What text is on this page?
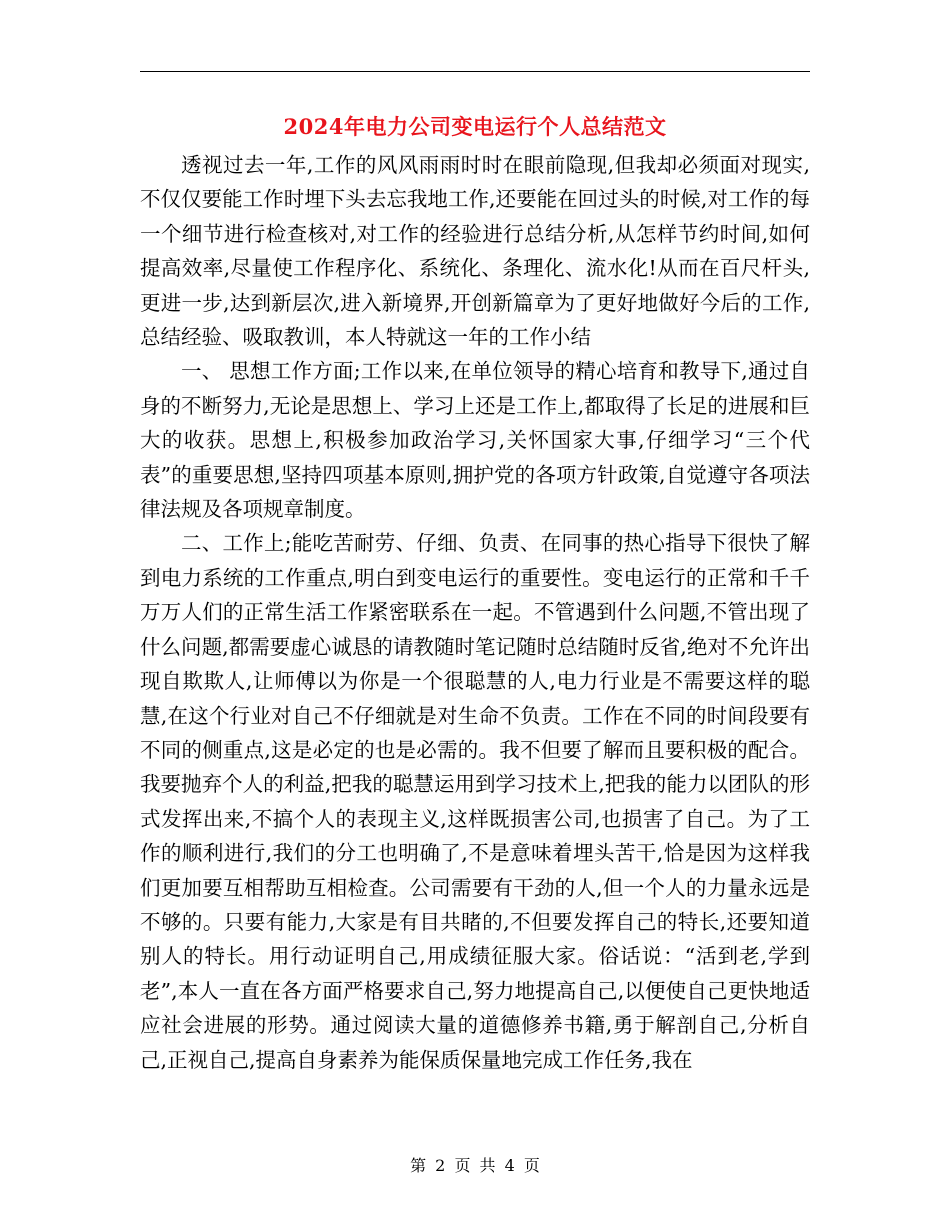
2024年电力公司变电运行个人总结范文

透视过去一年,工作的风风雨雨时时在眼前隐现,但我却必须面对现实,不仅仅要能工作时埋下头去忘我地工作,还要能在回过头的时候,对工作的每一个细节进行检查核对,对工作的经验进行总结分析,从怎样节约时间,如何提高效率,尽量使工作程序化、系统化、条理化、流水化!从而在百尺杆头,更进一步,达到新层次,进入新境界,开创新篇章为了更好地做好今后的工作,总结经验、吸取教训，本人特就这一年的工作小结

一、 思想工作方面;工作以来,在单位领导的精心培育和教导下,通过自身的不断努力,无论是思想上、学习上还是工作上,都取得了长足的进展和巨大的收获。思想上,积极参加政治学习,关怀国家大事,仔细学习“三个代表”的重要思想,坚持四项基本原则,拥护党的各项方针政策,自觉遵守各项法律法规及各项规章制度。

二、工作上;能吃苦耐劳、仔细、负责、在同事的热心指导下很快了解到电力系统的工作重点,明白到变电运行的重要性。变电运行的正常和千千万万人们的正常生活工作紧密联系在一起。不管遇到什么问题,不管出现了什么问题,都需要虚心诚恳的请教随时笔记随时总结随时反省,绝对不允许出现自欺欺人,让师傅以为你是一个很聪慧的人,电力行业是不需要这样的聪慧,在这个行业对自己不仔细就是对生命不负责。工作在不同的时间段要有不同的侧重点,这是必定的也是必需的。我不但要了解而且要积极的配合。我要抛弃个人的利益,把我的聪慧运用到学习技术上,把我的能力以团队的形式发挥出来,不搞个人的表现主义,这样既损害公司,也损害了自己。为了工作的顺利进行,我们的分工也明确了,不是意味着埋头苦干,恰是因为这样我们更加要互相帮助互相检查。公司需要有干劲的人,但一个人的力量永远是不够的。只要有能力,大家是有目共睹的,不但要发挥自己的特长,还要知道别人的特长。用行动证明自己,用成绩征服大家。俗话说：“活到老,学到老”,本人一直在各方面严格要求自己,努力地提高自己,以便使自己更快地适应社会进展的形势。通过阅读大量的道德修养书籍,勇于解剖自己,分析自己,正视自己,提高自身素养为能保质保量地完成工作任务,我在

第 2 页 共 4 页
